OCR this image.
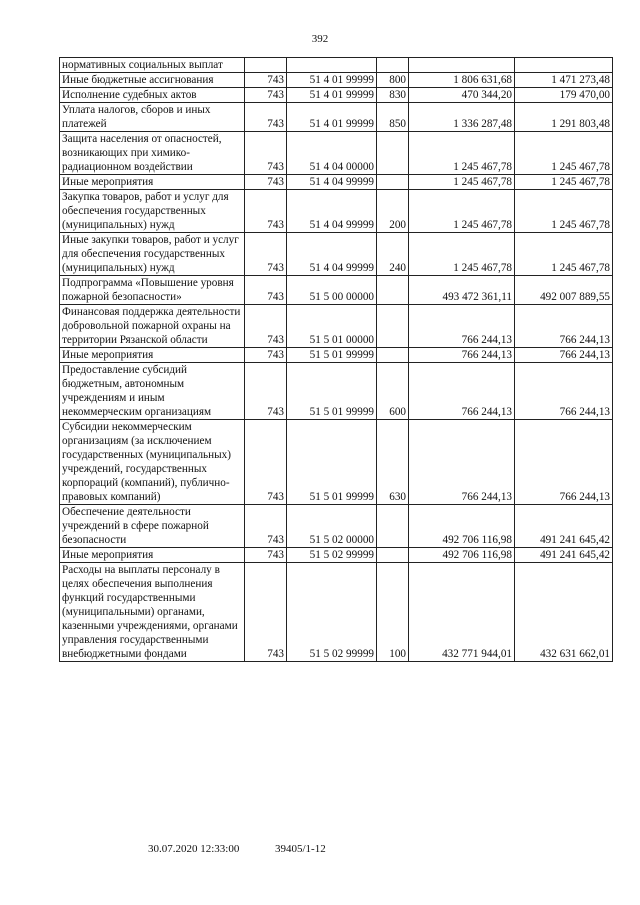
392
нормативных социальных выплат					
Иные бюджетные ассигнования	743	51 4 01 99999	800	1 806 631,68	1 471 273,48
Исполнение судебных актов	743	51 4 01 99999	830	470 344,20	179 470,00
Уплата налогов, сборов и иных платежей	743	51 4 01 99999	850	1 336 287,48	1 291 803,48
Защита населения от опасностей, возникающих при химико-радиационном воздействии	743	51 4 04 00000		1 245 467,78	1 245 467,78
Иные мероприятия	743	51 4 04 99999		1 245 467,78	1 245 467,78
Закупка товаров, работ и услуг для обеспечения государственных (муниципальных) нужд	743	51 4 04 99999	200	1 245 467,78	1 245 467,78
Иные закупки товаров, работ и услуг для обеспечения государственных (муниципальных) нужд	743	51 4 04 99999	240	1 245 467,78	1 245 467,78
Подпрограмма «Повышение уровня пожарной безопасности»	743	51 5 00 00000		493 472 361,11	492 007 889,55
Финансовая поддержка деятельности добровольной пожарной охраны на территории Рязанской области	743	51 5 01 00000		766 244,13	766 244,13
Иные мероприятия	743	51 5 01 99999		766 244,13	766 244,13
Предоставление субсидий бюджетным, автономным учреждениям и иным некоммерческим организациям	743	51 5 01 99999	600	766 244,13	766 244,13
Субсидии некоммерческим организациям (за исключением государственных (муниципальных) учреждений, государственных корпораций (компаний), публично-правовых компаний)	743	51 5 01 99999	630	766 244,13	766 244,13
Обеспечение деятельности учреждений в сфере пожарной безопасности	743	51 5 02 00000		492 706 116,98	491 241 645,42
Иные мероприятия	743	51 5 02 99999		492 706 116,98	491 241 645,42
Расходы на выплаты персоналу в целях обеспечения выполнения функций государственными (муниципальными) органами, казенными учреждениями, органами управления государственными внебюджетными фондами	743	51 5 02 99999	100	432 771 944,01	432 631 662,01
30.07.2020 12:33:00	39405/1-12
